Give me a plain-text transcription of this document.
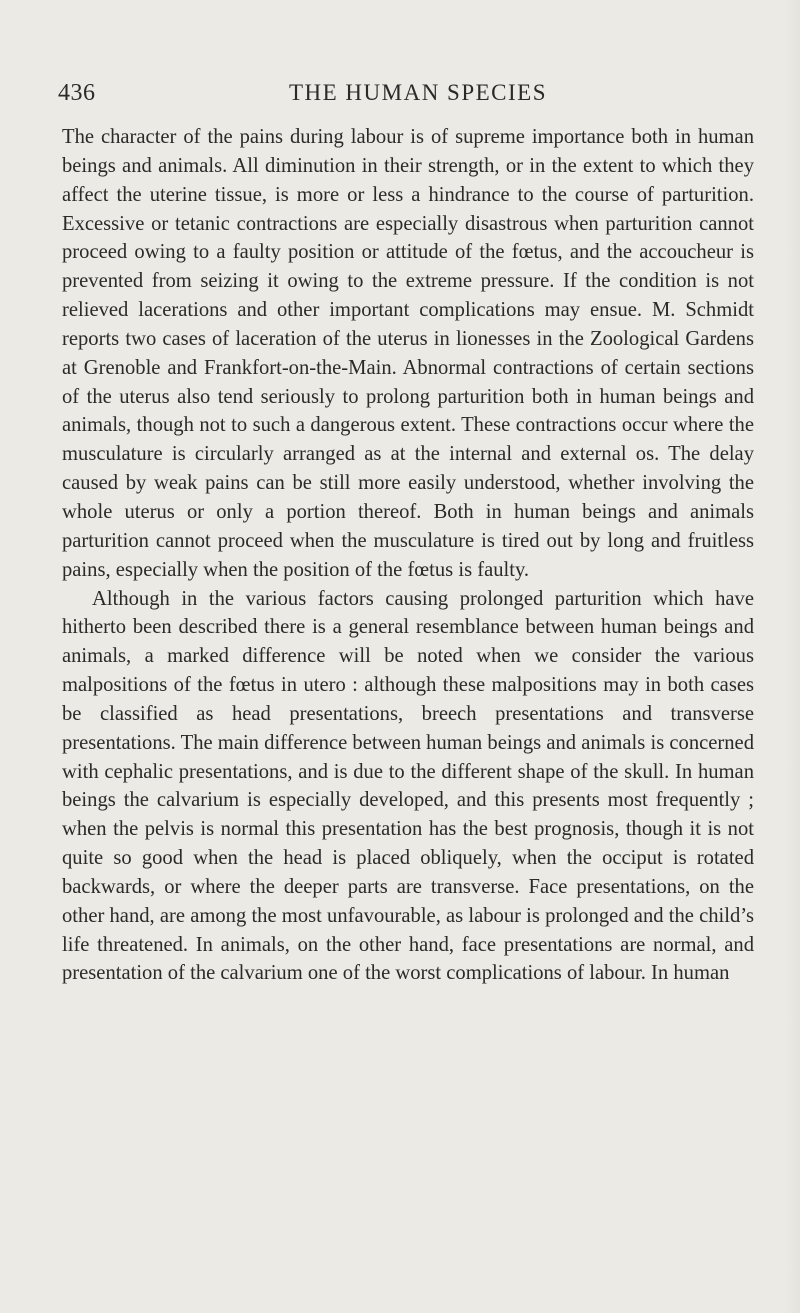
436	THE HUMAN SPECIES

The character of the pains during labour is of supreme importance both in human beings and animals. All diminution in their strength, or in the extent to which they affect the uterine tissue, is more or less a hindrance to the course of parturition. Excessive or tetanic contractions are especially disastrous when parturition cannot proceed owing to a faulty position or attitude of the fœtus, and the accoucheur is prevented from seizing it owing to the extreme pressure. If the condition is not relieved lacerations and other important complications may ensue. M. Schmidt reports two cases of laceration of the uterus in lionesses in the Zoological Gardens at Grenoble and Frankfort-on-the-Main. Abnormal contractions of certain sections of the uterus also tend seriously to prolong parturition both in human beings and animals, though not to such a dangerous extent. These contractions occur where the musculature is circularly arranged as at the internal and external os. The delay caused by weak pains can be still more easily understood, whether involving the whole uterus or only a portion thereof. Both in human beings and animals parturition cannot proceed when the musculature is tired out by long and fruitless pains, especially when the position of the fœtus is faulty.

Although in the various factors causing prolonged parturition which have hitherto been described there is a general resemblance between human beings and animals, a marked difference will be noted when we consider the various malpositions of the fœtus in utero : although these malpositions may in both cases be classified as head presentations, breech presentations and transverse presentations. The main difference between human beings and animals is concerned with cephalic presentations, and is due to the different shape of the skull. In human beings the calvarium is especially developed, and this presents most frequently ; when the pelvis is normal this presentation has the best prognosis, though it is not quite so good when the head is placed obliquely, when the occiput is rotated backwards, or where the deeper parts are transverse. Face presentations, on the other hand, are among the most unfavourable, as labour is prolonged and the child’s life threatened. In animals, on the other hand, face presentations are normal, and presentation of the calvarium one of the worst complications of labour. In human
